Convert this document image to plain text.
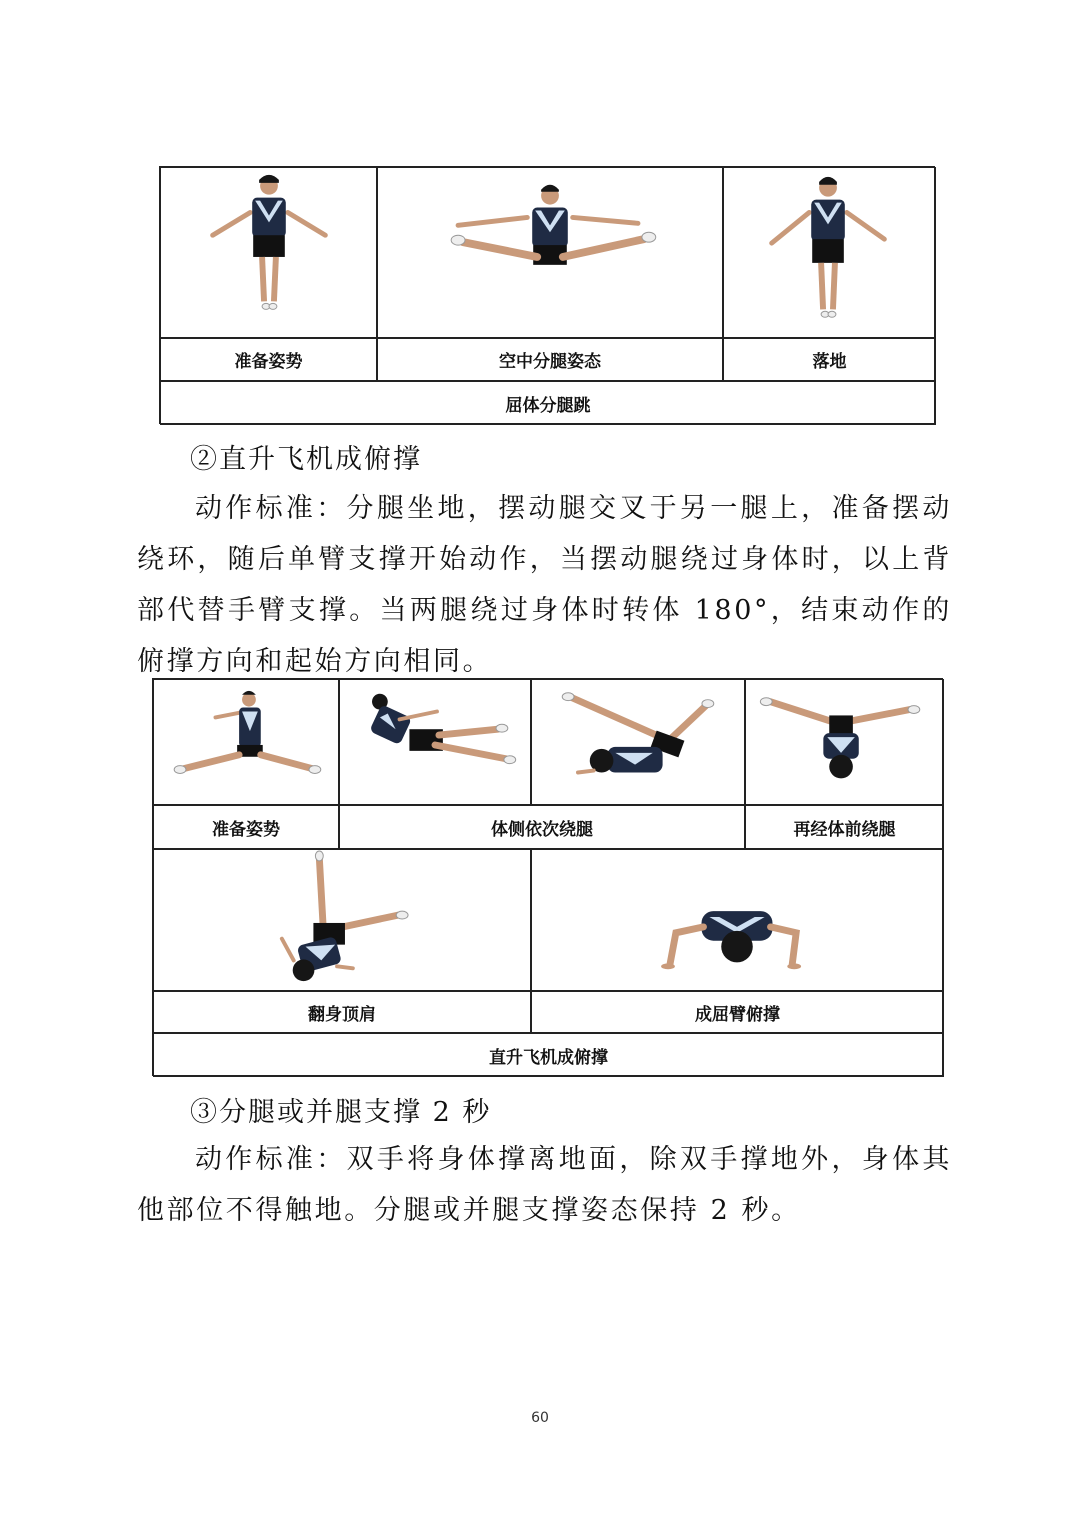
准备姿势	空中分腿姿态	落地
屈体分腿跳
②直升飞机成俯撑
动作标准：分腿坐地，摆动腿交叉于另一腿上，准备摆动绕环，随后单臂支撑开始动作，当摆动腿绕过身体时，以上背部代替手臂支撑。当两腿绕过身体时转体 180°，结束动作的俯撑方向和起始方向相同。
准备姿势	体侧依次绕腿	再经体前绕腿
翻身顶肩	成屈臂俯撑
直升飞机成俯撑
③分腿或并腿支撑 2 秒
动作标准：双手将身体撑离地面，除双手撑地外，身体其他部位不得触地。分腿或并腿支撑姿态保持 2 秒。
60
